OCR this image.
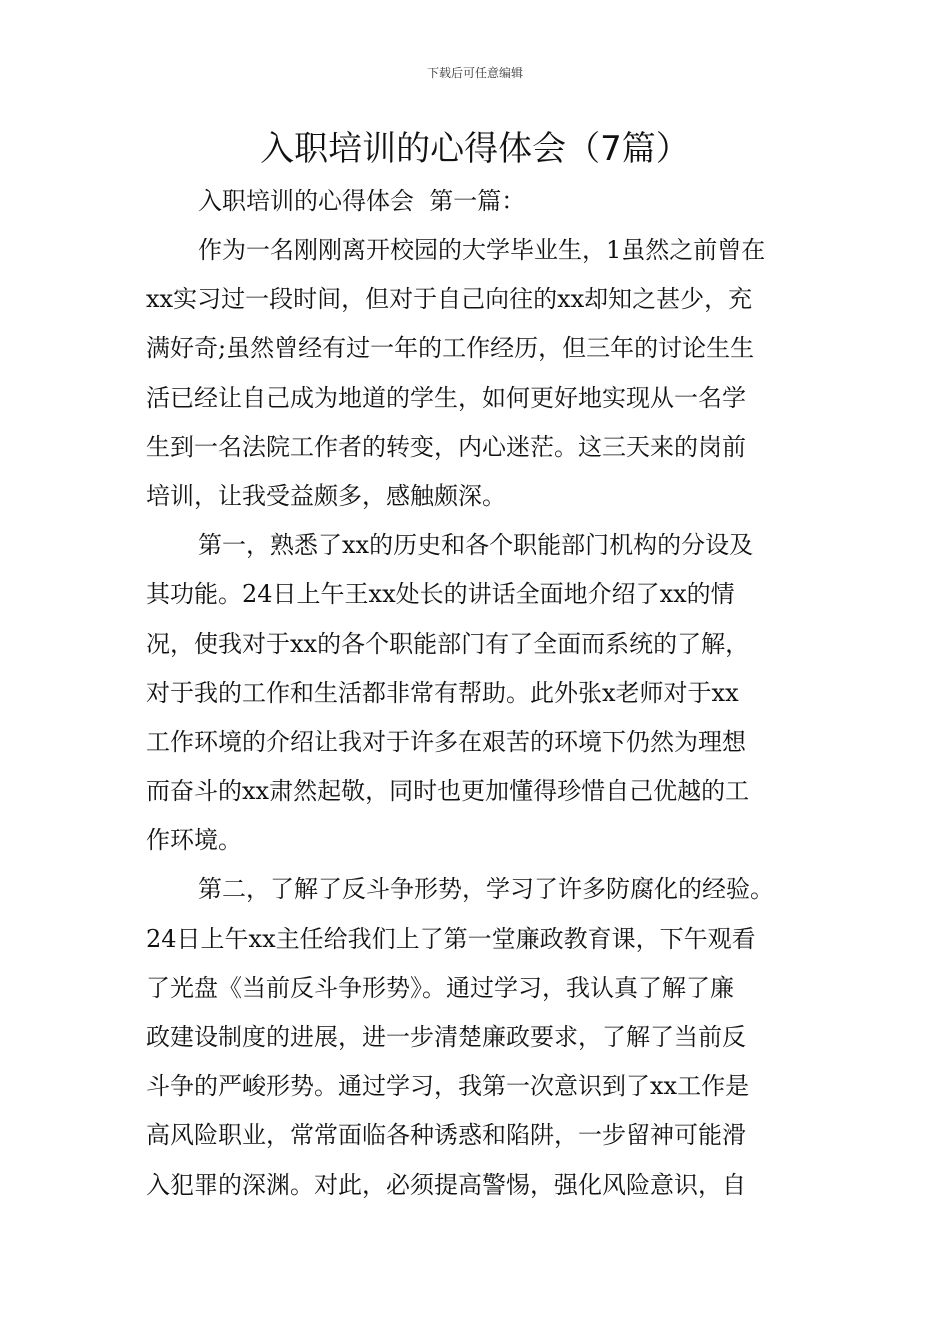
下载后可任意编辑
入职培训的心得体会（7篇）
入职培训的心得体会  第一篇：
作为一名刚刚离开校园的大学毕业生，1虽然之前曾在
xx实习过一段时间，但对于自己向往的xx却知之甚少，充
满好奇;虽然曾经有过一年的工作经历，但三年的讨论生生
活已经让自己成为地道的学生，如何更好地实现从一名学
生到一名法院工作者的转变，内心迷茫。这三天来的岗前
培训，让我受益颇多，感触颇深。
第一，熟悉了xx的历史和各个职能部门机构的分设及
其功能。24日上午王xx处长的讲话全面地介绍了xx的情
况，使我对于xx的各个职能部门有了全面而系统的了解，
对于我的工作和生活都非常有帮助。此外张x老师对于xx
工作环境的介绍让我对于许多在艰苦的环境下仍然为理想
而奋斗的xx肃然起敬，同时也更加懂得珍惜自己优越的工
作环境。
第二，了解了反斗争形势，学习了许多防腐化的经验。
24日上午xx主任给我们上了第一堂廉政教育课，下午观看
了光盘《当前反斗争形势》。通过学习，我认真了解了廉
政建设制度的进展，进一步清楚廉政要求，了解了当前反
斗争的严峻形势。通过学习，我第一次意识到了xx工作是
高风险职业，常常面临各种诱惑和陷阱，一步留神可能滑
入犯罪的深渊。对此，必须提高警惕，强化风险意识，自
